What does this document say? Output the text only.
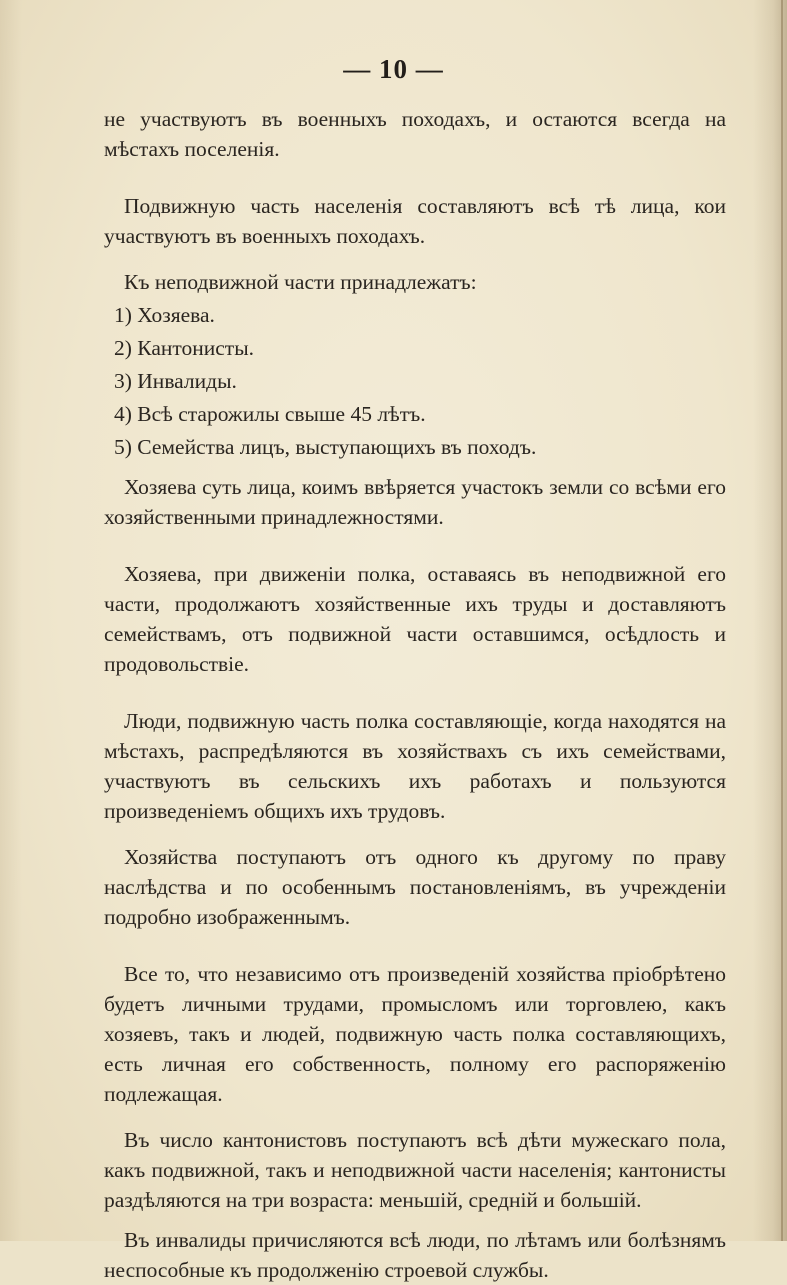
— 10 —

не участвуютъ въ военныхъ походахъ, и остаются всегда на мѣстахъ поселенія.

Подвижную часть населенія составляютъ всѣ тѣ лица, кои участвуютъ въ военныхъ походахъ.

Къ неподвижной части принадлежатъ:

1) Хозяева.
2) Кантонисты.
3) Инвалиды.
4) Всѣ старожилы свыше 45 лѣтъ.
5) Семейства лицъ, выступающихъ въ походъ.

Хозяева суть лица, коимъ ввѣряется участокъ земли со всѣми его хозяйственными принадлежностями.

Хозяева, при движеніи полка, оставаясь въ неподвижной его части, продолжаютъ хозяйственные ихъ труды и доставляютъ семействамъ, отъ подвижной части оставшимся, осѣдлость и продовольствіе.

Люди, подвижную часть полка составляющіе, когда находятся на мѣстахъ, распредѣляются въ хозяйствахъ съ ихъ семействами, участвуютъ въ сельскихъ ихъ работахъ и пользуются произведеніемъ общихъ ихъ трудовъ.

Хозяйства поступаютъ отъ одного къ другому по праву наслѣдства и по особеннымъ постановленіямъ, въ учрежденіи подробно изображеннымъ.

Все то, что независимо отъ произведеній хозяйства пріобрѣтено будетъ личными трудами, промысломъ или торговлею, какъ хозяевъ, такъ и людей, подвижную часть полка составляющихъ, есть личная его собственность, полному его распоряженію подлежащая.

Въ число кантонистовъ поступаютъ всѣ дѣти мужескаго пола, какъ подвижной, такъ и неподвижной части населенія; кантонисты раздѣляются на три возраста: меньшій, средній и большій.

Въ инвалиды причисляются всѣ люди, по лѣтамъ или болѣзнямъ неспособные къ продолженію строевой службы.
